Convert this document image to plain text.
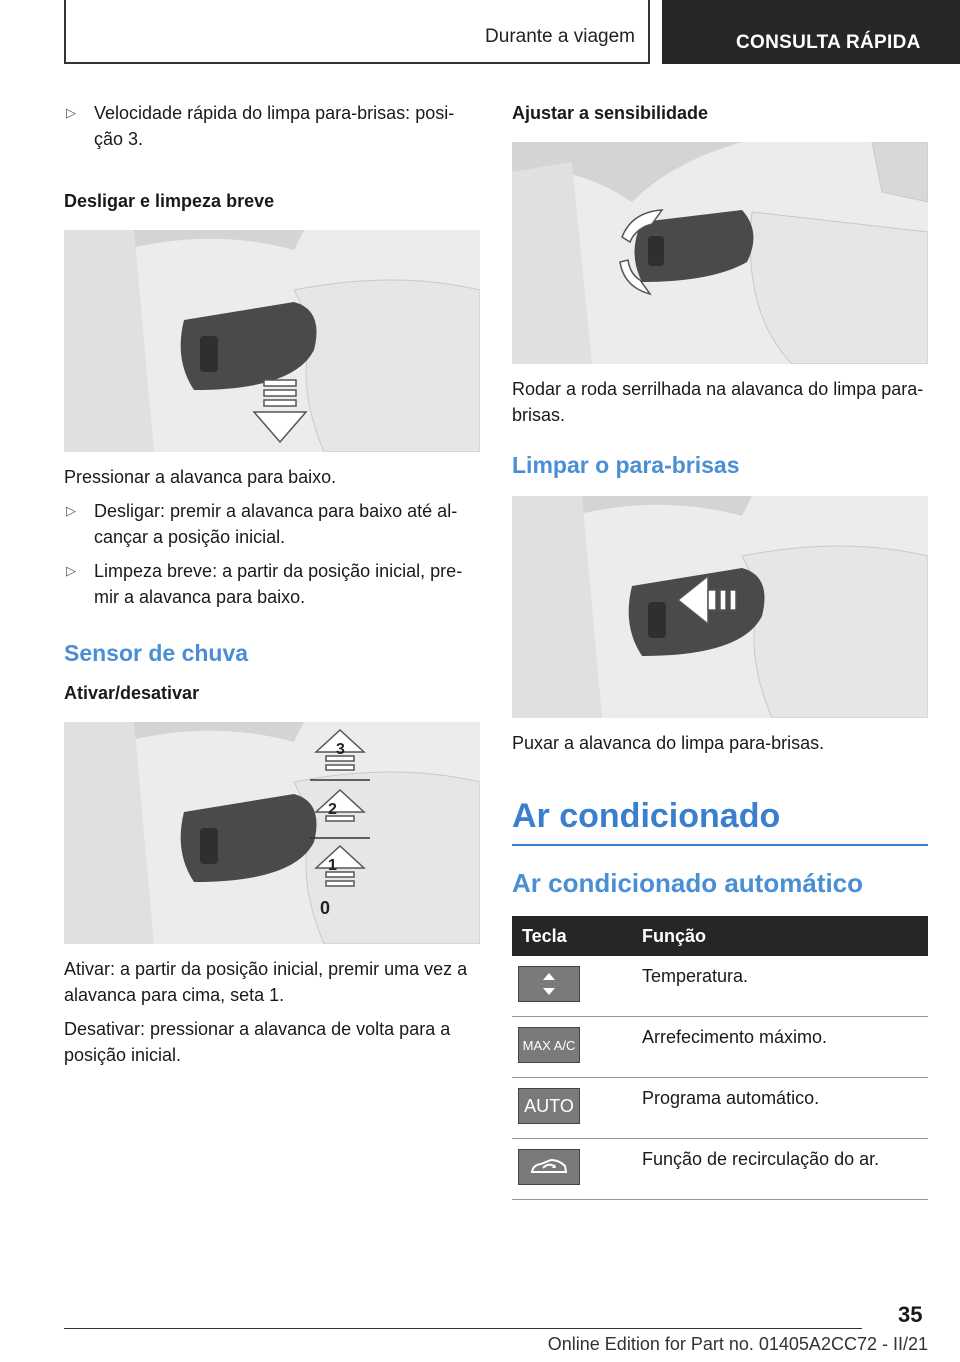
Durante a viagem	CONSULTA RÁPIDA
▷ Velocidade rápida do limpa para-brisas: posi- ção 3.
Desligar e limpeza breve

Pressionar a alavanca para baixo.

▷ Desligar: premir a alavanca para baixo até al- cançar a posição inicial.
▷ Limpeza breve: a partir da posição inicial, pre- mir a alavanca para baixo.
Sensor de chuva
Ativar/desativar
3
2
1
0

Ativar: a partir da posição inicial, premir uma vez a alavanca para cima, seta 1.

Desativar: pressionar a alavanca de volta para a posição inicial.

Ajustar a sensibilidade

Rodar a roda serrilhada na alavanca do limpa para-brisas.

Limpar o para-brisas

Puxar a alavanca do limpa para-brisas.

Ar condicionado
Ar condicionado automático
Tecla	Função

	Temperatura.

MAX A/C	Arrefecimento máximo.

AUTO	Programa automático.

	Função de recirculação do ar.
35
Online Edition for Part no. 01405A2CC72 - II/21
